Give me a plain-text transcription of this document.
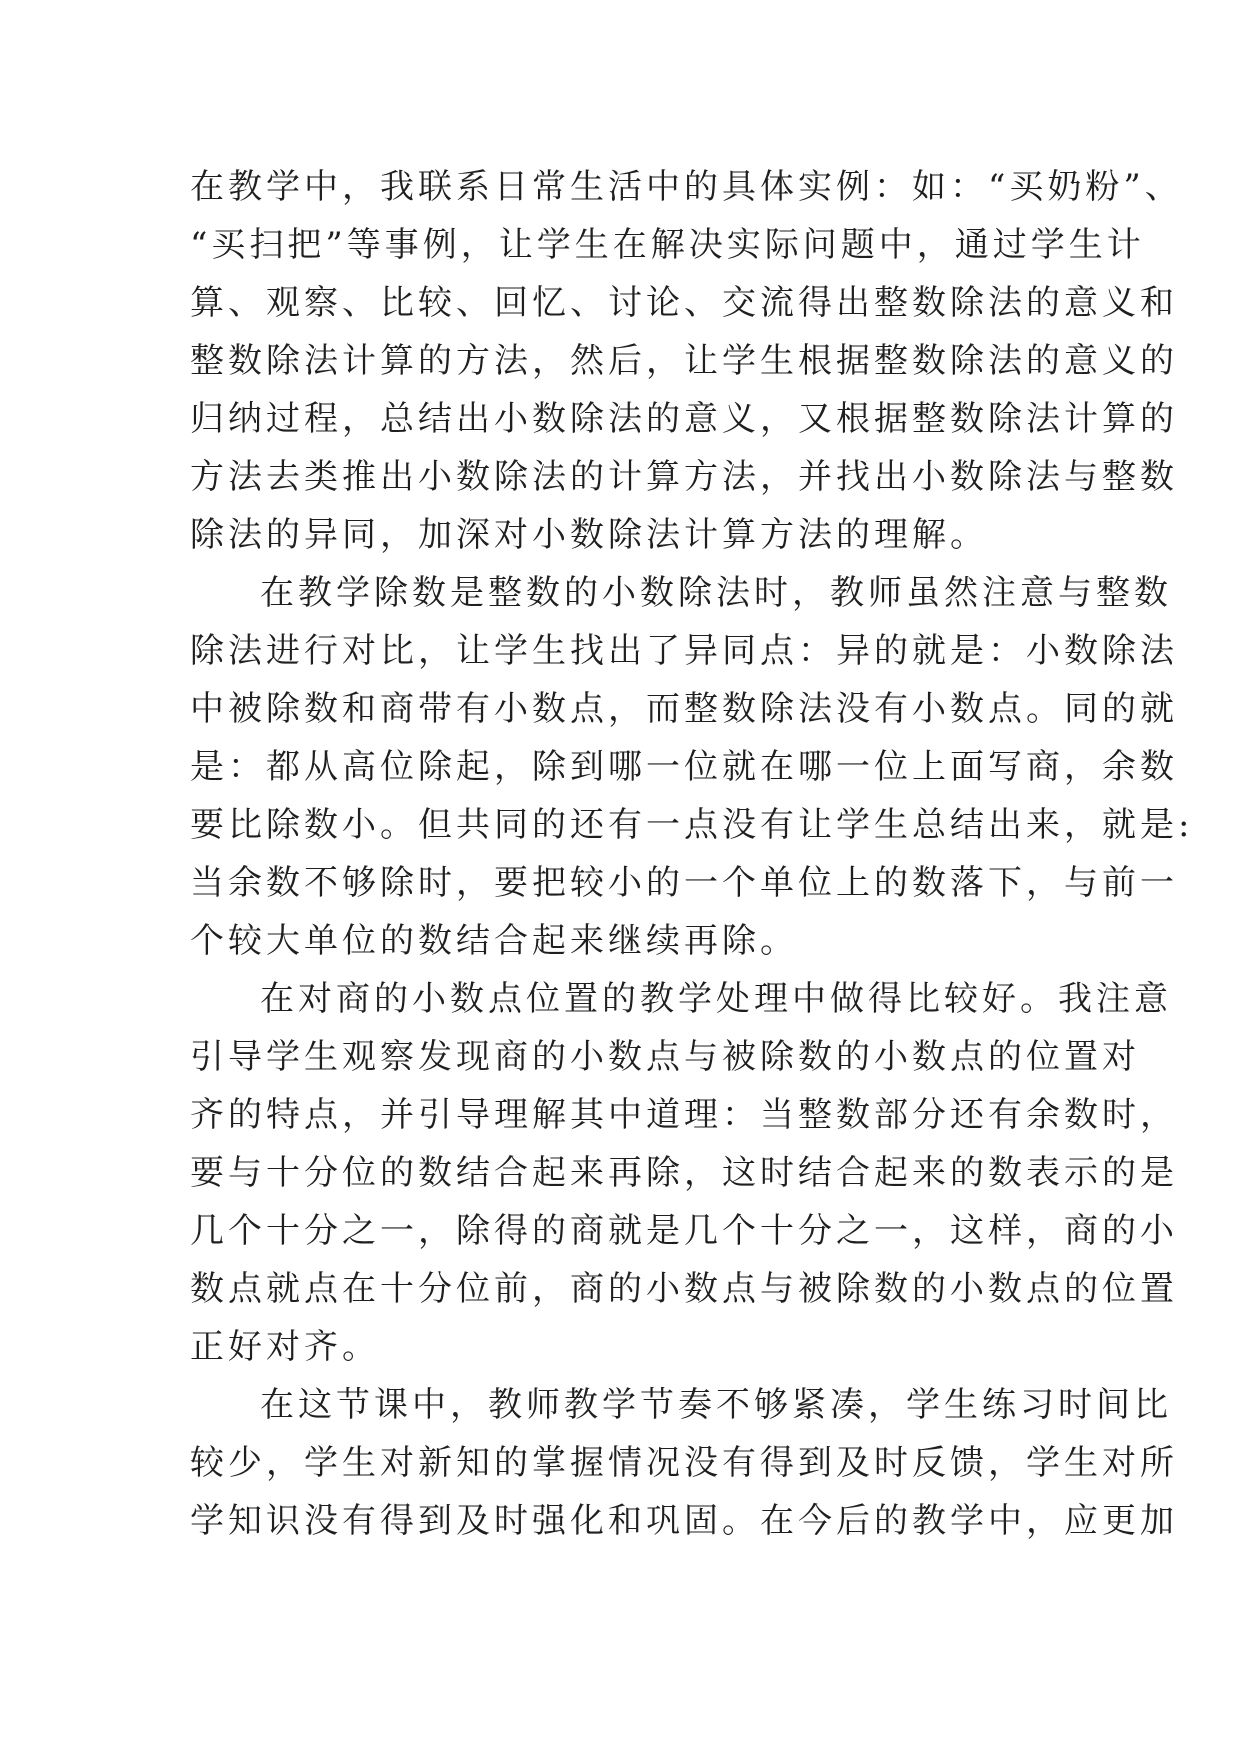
在教学中，我联系日常生活中的具体实例：如：“买奶粉”、
“买扫把”等事例，让学生在解决实际问题中，通过学生计
算、观察、比较、回忆、讨论、交流得出整数除法的意义和
整数除法计算的方法，然后，让学生根据整数除法的意义的
归纳过程，总结出小数除法的意义，又根据整数除法计算的
方法去类推出小数除法的计算方法，并找出小数除法与整数
除法的异同，加深对小数除法计算方法的理解。
在教学除数是整数的小数除法时，教师虽然注意与整数
除法进行对比，让学生找出了异同点：异的就是：小数除法
中被除数和商带有小数点，而整数除法没有小数点。同的就
是：都从高位除起，除到哪一位就在哪一位上面写商，余数
要比除数小。但共同的还有一点没有让学生总结出来，就是:
当余数不够除时，要把较小的一个单位上的数落下，与前一
个较大单位的数结合起来继续再除。
在对商的小数点位置的教学处理中做得比较好。我注意
引导学生观察发现商的小数点与被除数的小数点的位置对
齐的特点，并引导理解其中道理：当整数部分还有余数时，
要与十分位的数结合起来再除，这时结合起来的数表示的是
几个十分之一，除得的商就是几个十分之一，这样，商的小
数点就点在十分位前，商的小数点与被除数的小数点的位置
正好对齐。
在这节课中，教师教学节奏不够紧凑，学生练习时间比
较少，学生对新知的掌握情况没有得到及时反馈，学生对所
学知识没有得到及时强化和巩固。在今后的教学中，应更加
